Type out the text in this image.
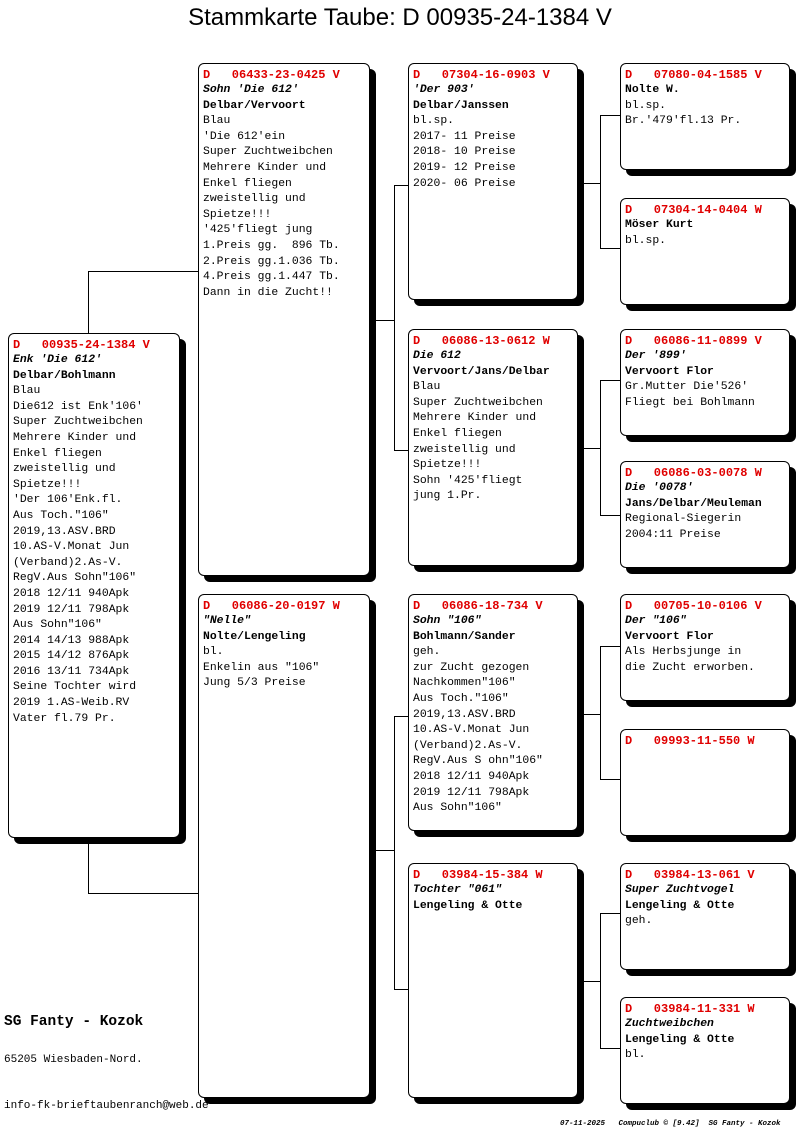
Stammkarte Taube: D 00935-24-1384 V
D   00935-24-1384 V
Enk 'Die 612'
Delbar/Bohlmann
Blau
Die612 ist Enk'106'
Super Zuchtweibchen
Mehrere Kinder und
Enkel fliegen
zweistellig und
Spietze!!!
'Der 106'Enk.fl.
Aus Toch."106"
2019,13.ASV.BRD
10.AS-V.Monat Jun
(Verband)2.As-V.
RegV.Aus Sohn"106"
2018 12/11 940Apk
2019 12/11 798Apk
Aus Sohn"106"
2014 14/13 988Apk
2015 14/12 876Apk
2016 13/11 734Apk
Seine Tochter wird
2019 1.AS-Weib.RV
Vater fl.79 Pr.
D   06433-23-0425 V
Sohn 'Die 612'
Delbar/Vervoort
Blau
'Die 612'ein
Super Zuchtweibchen
Mehrere Kinder und
Enkel fliegen
zweistellig und
Spietze!!!
'425'fliegt jung
1.Preis gg.  896 Tb.
2.Preis gg.1.036 Tb.
4.Preis gg.1.447 Tb.
Dann in die Zucht!!
D   06086-20-0197 W
"Nelle"
Nolte/Lengeling
bl.
Enkelin aus "106"
Jung 5/3 Preise
D   07304-16-0903 V
'Der 903'
Delbar/Janssen
bl.sp.
2017- 11 Preise
2018- 10 Preise
2019- 12 Preise
2020- 06 Preise
D   06086-13-0612 W
Die 612
Vervoort/Jans/Delbar
Blau
Super Zuchtweibchen
Mehrere Kinder und
Enkel fliegen
zweistellig und
Spietze!!!
Sohn '425'fliegt
jung 1.Pr.
D   06086-18-734 V
Sohn "106"
Bohlmann/Sander
geh.
zur Zucht gezogen
Nachkommen"106"
Aus Toch."106"
2019,13.ASV.BRD
10.AS-V.Monat Jun
(Verband)2.As-V.
RegV.Aus S ohn"106"
2018 12/11 940Apk
2019 12/11 798Apk
Aus Sohn"106"
D   03984-15-384 W
Tochter "061"
Lengeling & Otte
D   07080-04-1585 V
Nolte W.
bl.sp.
Br.'479'fl.13 Pr.
D   07304-14-0404 W
Möser Kurt
bl.sp.
D   06086-11-0899 V
Der '899'
Vervoort Flor
Gr.Mutter Die'526'
Fliegt bei Bohlmann
D   06086-03-0078 W
Die '0078'
Jans/Delbar/Meuleman
Regional-Siegerin
2004:11 Preise
D   00705-10-0106 V
Der "106"
Vervoort Flor
Als Herbsjunge in
die Zucht erworben.
D   09993-11-550 W
D   03984-13-061 V
Super Zuchtvogel
Lengeling & Otte
geh.
D   03984-11-331 W
Zuchtweibchen
Lengeling & Otte
bl.
SG Fanty - Kozok
65205 Wiesbaden-Nord.
info-fk-brieftaubenranch@web.de
07-11-2025   Compuclub © [9.42]  SG Fanty - Kozok
